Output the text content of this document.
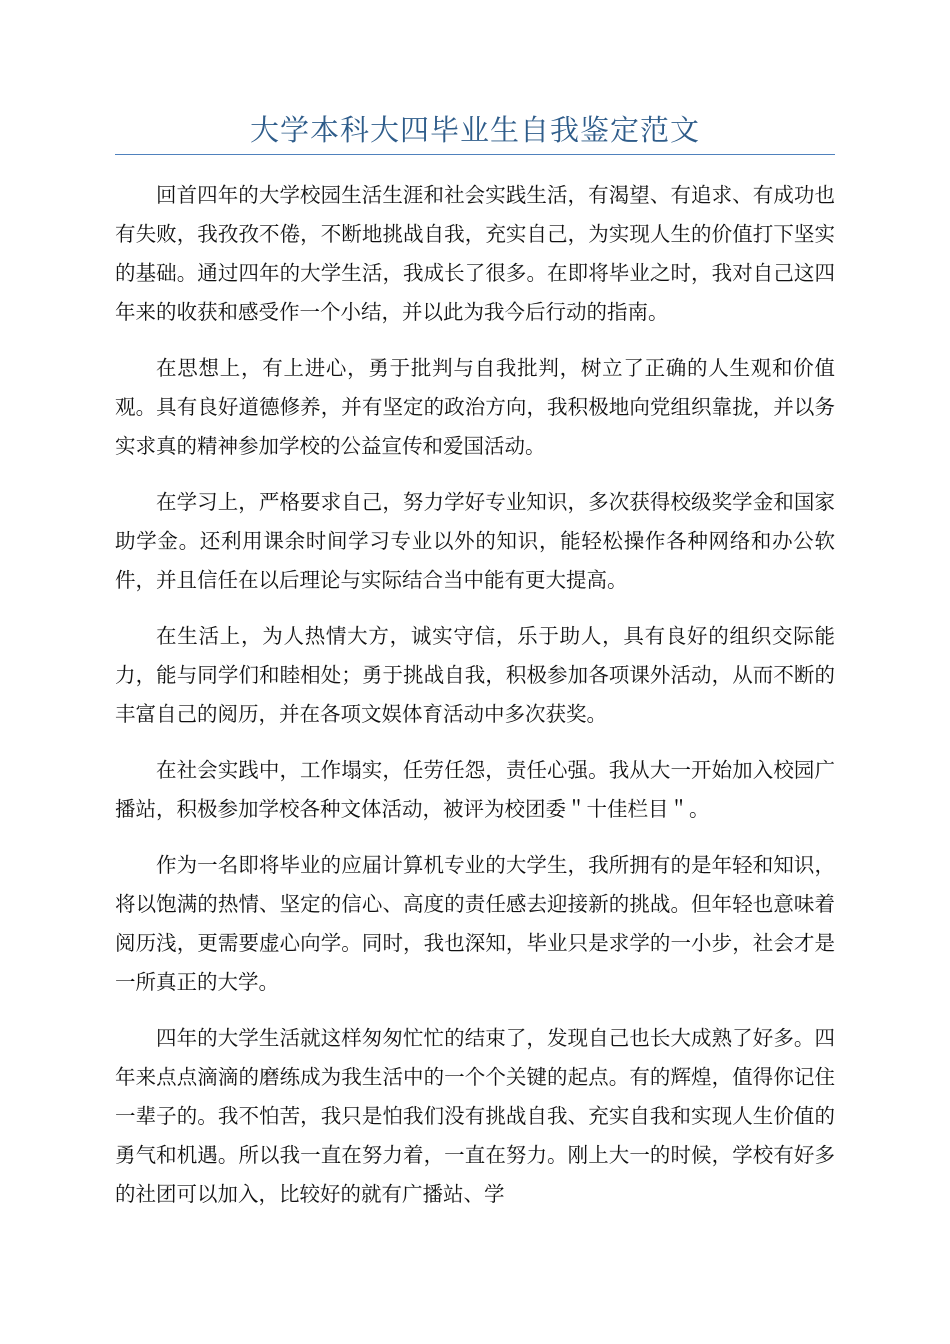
大学本科大四毕业生自我鉴定范文

回首四年的大学校园生活生涯和社会实践生活，有渴望、有追求、有成功也有失败，我孜孜不倦，不断地挑战自我，充实自己，为实现人生的价值打下坚实的基础。通过四年的大学生活，我成长了很多。在即将毕业之时，我对自己这四年来的收获和感受作一个小结，并以此为我今后行动的指南。

在思想上，有上进心，勇于批判与自我批判，树立了正确的人生观和价值观。具有良好道德修养，并有坚定的政治方向，我积极地向党组织靠拢，并以务实求真的精神参加学校的公益宣传和爱国活动。

在学习上，严格要求自己，努力学好专业知识，多次获得校级奖学金和国家助学金。还利用课余时间学习专业以外的知识，能轻松操作各种网络和办公软件，并且信任在以后理论与实际结合当中能有更大提高。

在生活上，为人热情大方，诚实守信，乐于助人，具有良好的组织交际能力，能与同学们和睦相处；勇于挑战自我，积极参加各项课外活动，从而不断的丰富自己的阅历，并在各项文娱体育活动中多次获奖。

在社会实践中，工作塌实，任劳任怨，责任心强。我从大一开始加入校园广播站，积极参加学校各种文体活动，被评为校团委＂十佳栏目＂。

作为一名即将毕业的应届计算机专业的大学生，我所拥有的是年轻和知识，将以饱满的热情、坚定的信心、高度的责任感去迎接新的挑战。但年轻也意味着阅历浅，更需要虚心向学。同时，我也深知，毕业只是求学的一小步，社会才是一所真正的大学。

四年的大学生活就这样匆匆忙忙的结束了，发现自己也长大成熟了好多。四年来点点滴滴的磨练成为我生活中的一个个关键的起点。有的辉煌，值得你记住一辈子的。我不怕苦，我只是怕我们没有挑战自我、充实自我和实现人生价值的勇气和机遇。所以我一直在努力着，一直在努力。刚上大一的时候，学校有好多的社团可以加入，比较好的就有广播站、学
